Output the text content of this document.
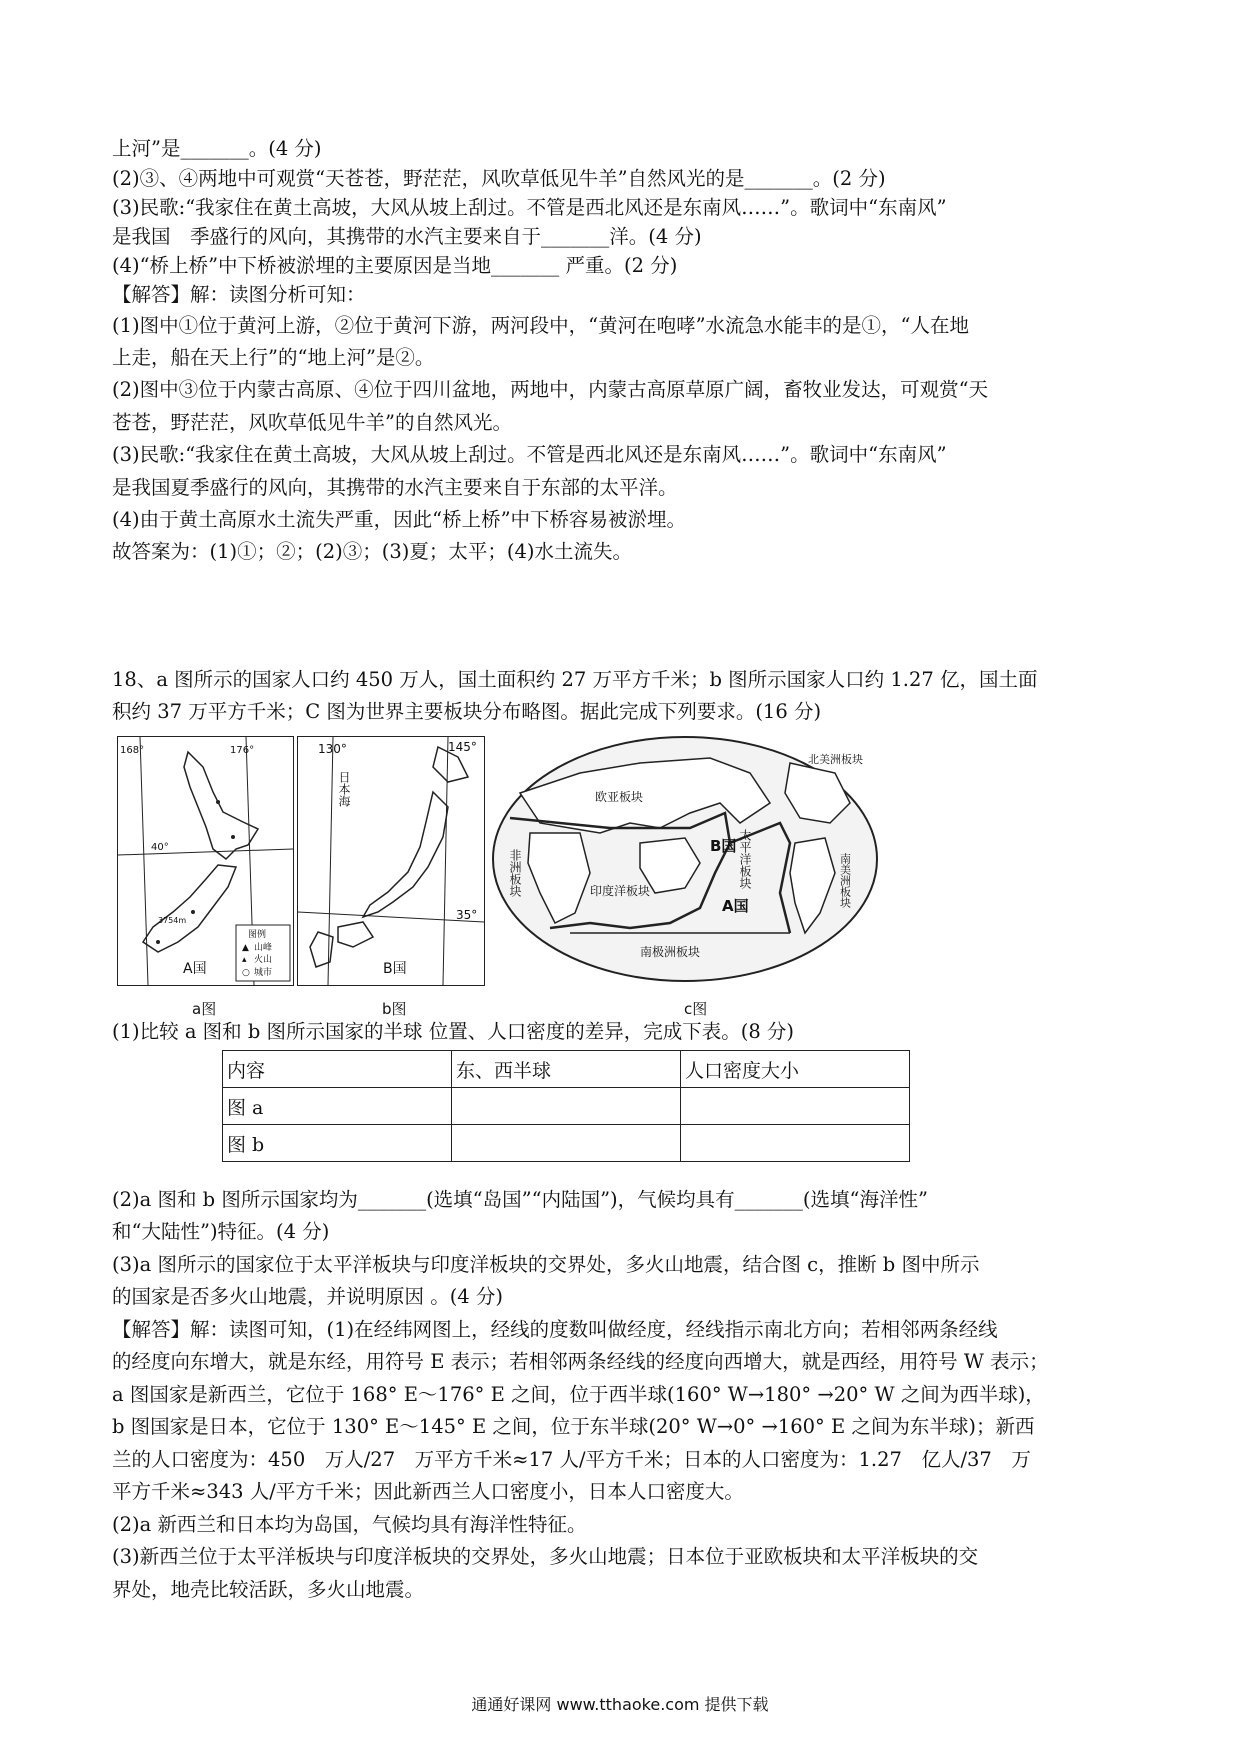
上河”是_______。(4 分)
(2)③、④两地中可观赏“天苍苍，野茫茫，风吹草低见牛羊”自然风光的是_______。(2 分)
(3)民歌:“我家住在黄土高坡，大风从坡上刮过。不管是西北风还是东南风……”。歌词中“东南风”
是我国　季盛行的风向，其携带的水汽主要来自于_______洋。(4 分)
(4)“桥上桥”中下桥被淤埋的主要原因是当地_______ 严重。(2 分)
【解答】解：读图分析可知：
(1)图中①位于黄河上游，②位于黄河下游，两河段中，“黄河在咆哮”水流急水能丰的是①，“人在地
上走，船在天上行”的“地上河”是②。
(2)图中③位于内蒙古高原、④位于四川盆地，两地中，内蒙古高原草原广阔，畜牧业发达，可观赏“天
苍苍，野茫茫，风吹草低见牛羊”的自然风光。
(3)民歌:“我家住在黄土高坡，大风从坡上刮过。不管是西北风还是东南风……”。歌词中“东南风”
是我国夏季盛行的风向，其携带的水汽主要来自于东部的太平洋。
(4)由于黄土高原水土流失严重，因此“桥上桥”中下桥容易被淤埋。
故答案为：(1)①；②；(2)③；(3)夏；太平；(4)水土流失。
18、a 图所示的国家人口约 450 万人，国土面积约 27 万平方千米；b 图所示国家人口约 1.27 亿，国土面
积约 37 万平方千米；C 图为世界主要板块分布略图。据此完成下列要求。(16 分)
168°	176°
40°
3754m
A国
图例
▲ 山峰
▴ 火山
○ 城市
a图
130°	145°
35°
日本海
B国
b图
欧亚板块
非洲板块	印度洋板块
太平洋板块	南美洲板块
北美洲板块
南极洲板块
B国
A国
c图
(1)比较 a 图和 b 图所示国家的半球 位置、人口密度的差异，完成下表。(8 分)
内容	东、西半球	人口密度大小
图 a		
图 b		
(2)a 图和 b 图所示国家均为_______(选填“岛国”“内陆国”)，气候均具有_______(选填“海洋性”
和“大陆性”)特征。(4 分)
(3)a 图所示的国家位于太平洋板块与印度洋板块的交界处，多火山地震，结合图 c，推断 b 图中所示
的国家是否多火山地震，并说明原因 。(4 分)
【解答】解：读图可知，(1)在经纬网图上，经线的度数叫做经度，经线指示南北方向；若相邻两条经线
的经度向东增大，就是东经，用符号 E 表示；若相邻两条经线的经度向西增大，就是西经，用符号 W 表示；
a 图国家是新西兰，它位于 168° E～176° E 之间，位于西半球(160° W→180° →20° W 之间为西半球)，
b 图国家是日本，它位于 130° E～145° E 之间，位于东半球(20° W→0° →160° E 之间为东半球)；新西
兰的人口密度为：450　万人/27　万平方千米≈17 人/平方千米；日本的人口密度为：1.27　亿人/37　万
平方千米≈343 人/平方千米；因此新西兰人口密度小，日本人口密度大。
(2)a 新西兰和日本均为岛国，气候均具有海洋性特征。
(3)新西兰位于太平洋板块与印度洋板块的交界处，多火山地震；日本位于亚欧板块和太平洋板块的交
界处，地壳比较活跃，多火山地震。
通通好课网 www.tthaoke.com 提供下载
